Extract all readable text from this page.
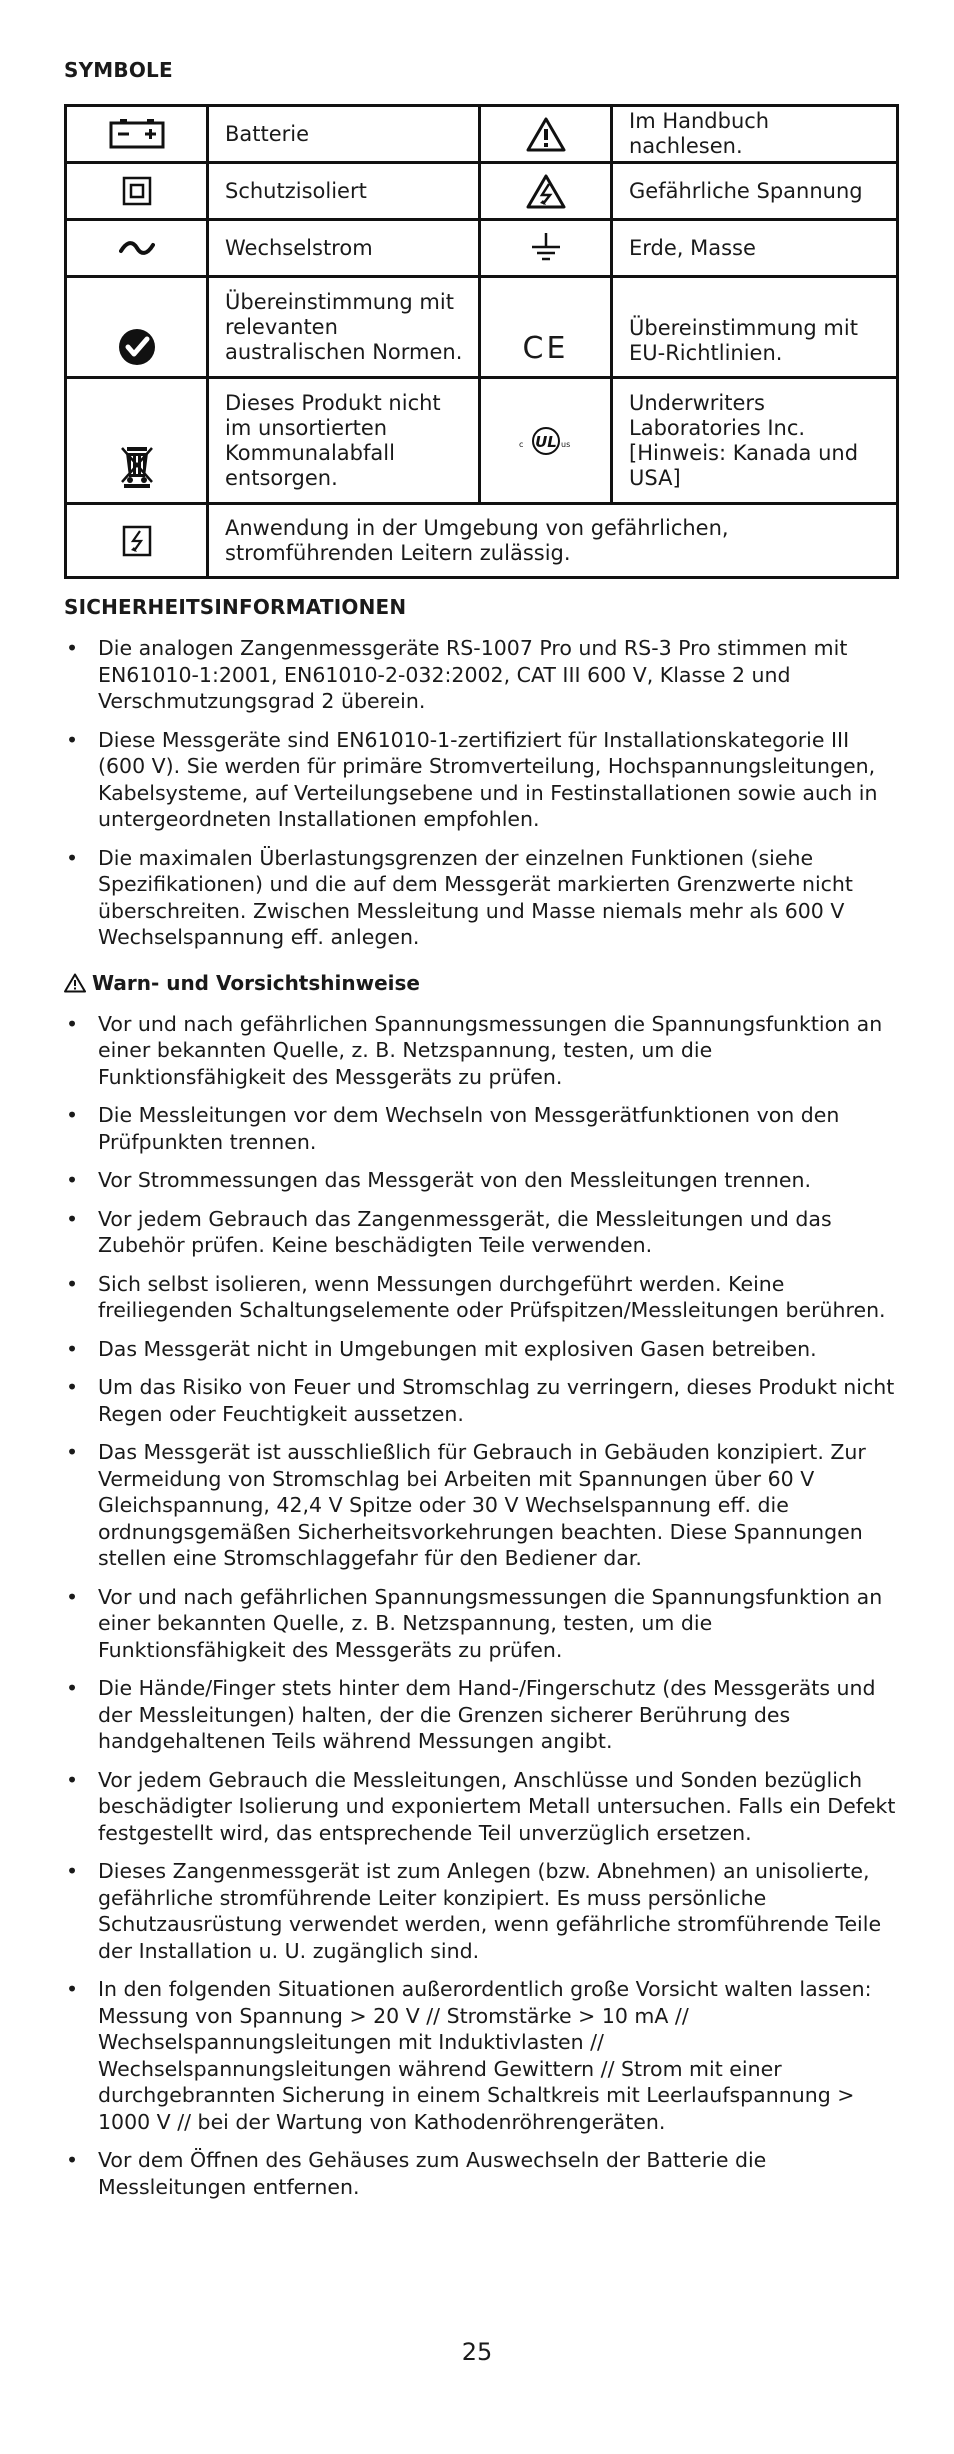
SYMBOLE
	Batterie		Im Handbuch nachlesen.

	Schutzisoliert		Gefährliche Spannung

	Wechselstrom		Erde, Masse

	Übereinstimmung mit relevanten australischen Normen.	CE	Übereinstimmung mit EU-Richtlinien.

	Dieses Produkt nicht im unsortierten Kommunalabfall entsorgen.	c UL us	Underwriters Laboratories Inc. [Hinweis: Kanada und USA]

	Anwendung in der Umgebung von gefährlichen, stromführenden Leitern zulässig.		
SICHERHEITSINFORMATIONEN
• Die analogen Zangenmessgeräte RS-1007 Pro und RS-3 Pro stimmen mit EN61010-1:2001, EN61010-2-032:2002, CAT III 600 V, Klasse 2 und Verschmutzungsgrad 2 überein.
• Diese Messgeräte sind EN61010-1-zertifiziert für Installationskategorie III (600 V). Sie werden für primäre Stromverteilung, Hochspannungsleitungen, Kabelsysteme, auf Verteilungsebene und in Festinstallationen sowie auch in untergeordneten Installationen empfohlen.
• Die maximalen Überlastungsgrenzen der einzelnen Funktionen (siehe Spezifikationen) und die auf dem Messgerät markierten Grenzwerte nicht überschreiten. Zwischen Messleitung und Masse niemals mehr als 600 V Wechselspannung eff. anlegen.
Warn- und Vorsichtshinweise
• Vor und nach gefährlichen Spannungsmessungen die Spannungsfunktion an einer bekannten Quelle, z. B. Netzspannung, testen, um die Funktionsfähigkeit des Messgeräts zu prüfen.
• Die Messleitungen vor dem Wechseln von Messgerätfunktionen von den Prüfpunkten trennen.
• Vor Strommessungen das Messgerät von den Messleitungen trennen.
• Vor jedem Gebrauch das Zangenmessgerät, die Messleitungen und das Zubehör prüfen. Keine beschädigten Teile verwenden.
• Sich selbst isolieren, wenn Messungen durchgeführt werden. Keine freiliegenden Schaltungselemente oder Prüfspitzen/Messleitungen berühren.
• Das Messgerät nicht in Umgebungen mit explosiven Gasen betreiben.
• Um das Risiko von Feuer und Stromschlag zu verringern, dieses Produkt nicht Regen oder Feuchtigkeit aussetzen.
• Das Messgerät ist ausschließlich für Gebrauch in Gebäuden konzipiert. Zur Vermeidung von Stromschlag bei Arbeiten mit Spannungen über 60 V Gleichspannung, 42,4 V Spitze oder 30 V Wechselspannung eff. die ordnungsgemäßen Sicherheitsvorkehrungen beachten. Diese Spannungen stellen eine Stromschlaggefahr für den Bediener dar.
• Vor und nach gefährlichen Spannungsmessungen die Spannungsfunktion an einer bekannten Quelle, z. B. Netzspannung, testen, um die Funktionsfähigkeit des Messgeräts zu prüfen.
• Die Hände/Finger stets hinter dem Hand-/Fingerschutz (des Messgeräts und der Messleitungen) halten, der die Grenzen sicherer Berührung des handgehaltenen Teils während Messungen angibt.
• Vor jedem Gebrauch die Messleitungen, Anschlüsse und Sonden bezüglich beschädigter Isolierung und exponiertem Metall untersuchen. Falls ein Defekt festgestellt wird, das entsprechende Teil unverzüglich ersetzen.
• Dieses Zangenmessgerät ist zum Anlegen (bzw. Abnehmen) an unisolierte, gefährliche stromführende Leiter konzipiert. Es muss persönliche Schutzausrüstung verwendet werden, wenn gefährliche stromführende Teile der Installation u. U. zugänglich sind.
• In den folgenden Situationen außerordentlich große Vorsicht walten lassen: Messung von Spannung > 20 V // Stromstärke > 10 mA // Wechselspannungsleitungen mit Induktivlasten // Wechselspannungsleitungen während Gewittern // Strom mit einer durchgebrannten Sicherung in einem Schaltkreis mit Leerlaufspannung > 1000 V // bei der Wartung von Kathodenröhrengeräten.
• Vor dem Öffnen des Gehäuses zum Auswechseln der Batterie die Messleitungen entfernen.
25
